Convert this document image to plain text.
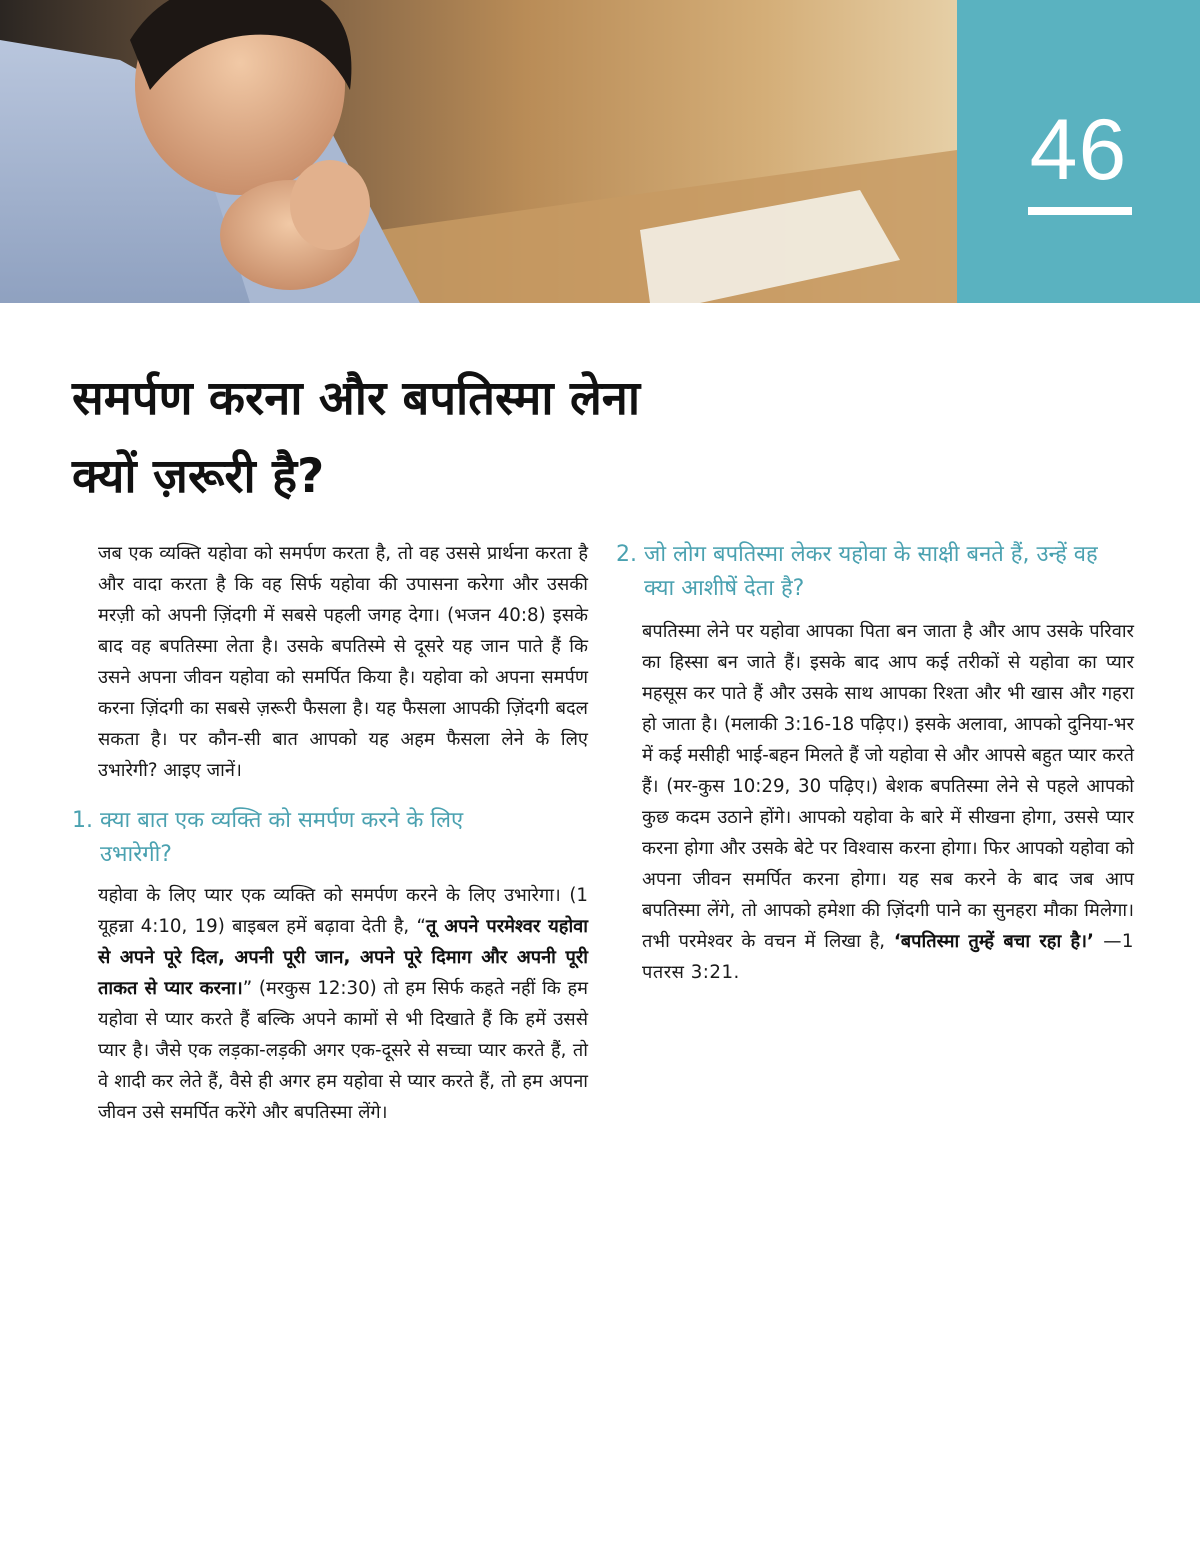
46
समर्पण करना और बपतिस्मा लेना
क्यों ज़रूरी है?

जब एक व्यक्ति यहोवा को समर्पण करता है, तो वह उससे प्रार्थना करता है और वादा करता है कि वह सिर्फ यहोवा की उपासना करेगा और उसकी मरज़ी को अपनी ज़िंदगी में सबसे पहली जगह देगा। (भजन 40:8) इसके बाद वह बपतिस्मा लेता है। उसके बपतिस्मे से दूसरे यह जान पाते हैं कि उसने अपना जीवन यहोवा को समर्पित किया है। यहोवा को अपना समर्पण करना ज़िंदगी का सबसे ज़रूरी फैसला है। यह फैसला आपकी ज़िंदगी बदल सकता है। पर कौन-सी बात आपको यह अहम फैसला लेने के लिए उभारेगी? आइए जानें।

1. क्या बात एक व्यक्ति को समर्पण करने के लिए उभारेगी?

यहोवा के लिए प्यार एक व्यक्ति को समर्पण करने के लिए उभारेगा। (1 यूहन्ना 4:10, 19) बाइबल हमें बढ़ावा देती है, “तू अपने परमेश्वर यहोवा से अपने पूरे दिल, अपनी पूरी जान, अपने पूरे दिमाग और अपनी पूरी ताकत से प्यार करना।” (मरकुस 12:30) तो हम सिर्फ कहते नहीं कि हम यहोवा से प्यार करते हैं बल्कि अपने कामों से भी दिखाते हैं कि हमें उससे प्यार है। जैसे एक लड़का-लड़की अगर एक-दूसरे से सच्चा प्यार करते हैं, तो वे शादी कर लेते हैं, वैसे ही अगर हम यहोवा से प्यार करते हैं, तो हम अपना जीवन उसे समर्पित करेंगे और बपतिस्मा लेंगे।

2. जो लोग बपतिस्मा लेकर यहोवा के साक्षी बनते हैं, उन्हें वह क्या आशीषें देता है?

बपतिस्मा लेने पर यहोवा आपका पिता बन जाता है और आप उसके परिवार का हिस्सा बन जाते हैं। इसके बाद आप कई तरीकों से यहोवा का प्यार महसूस कर पाते हैं और उसके साथ आपका रिश्ता और भी खास और गहरा हो जाता है। (मलाकी 3:16-18 पढ़िए।) इसके अलावा, आपको दुनिया-भर में कई मसीही भाई-बहन मिलते हैं जो यहोवा से और आपसे बहुत प्यार करते हैं। (मर-कुस 10:29, 30 पढ़िए।) बेशक बपतिस्मा लेने से पहले आपको कुछ कदम उठाने होंगे। आपको यहोवा के बारे में सीखना होगा, उससे प्यार करना होगा और उसके बेटे पर विश्वास करना होगा। फिर आपको यहोवा को अपना जीवन समर्पित करना होगा। यह सब करने के बाद जब आप बपतिस्मा लेंगे, तो आपको हमेशा की ज़िंदगी पाने का सुनहरा मौका मिलेगा। तभी परमेश्वर के वचन में लिखा है, ‘बपतिस्मा तुम्हें बचा रहा है।’ —1 पतरस 3:21.
